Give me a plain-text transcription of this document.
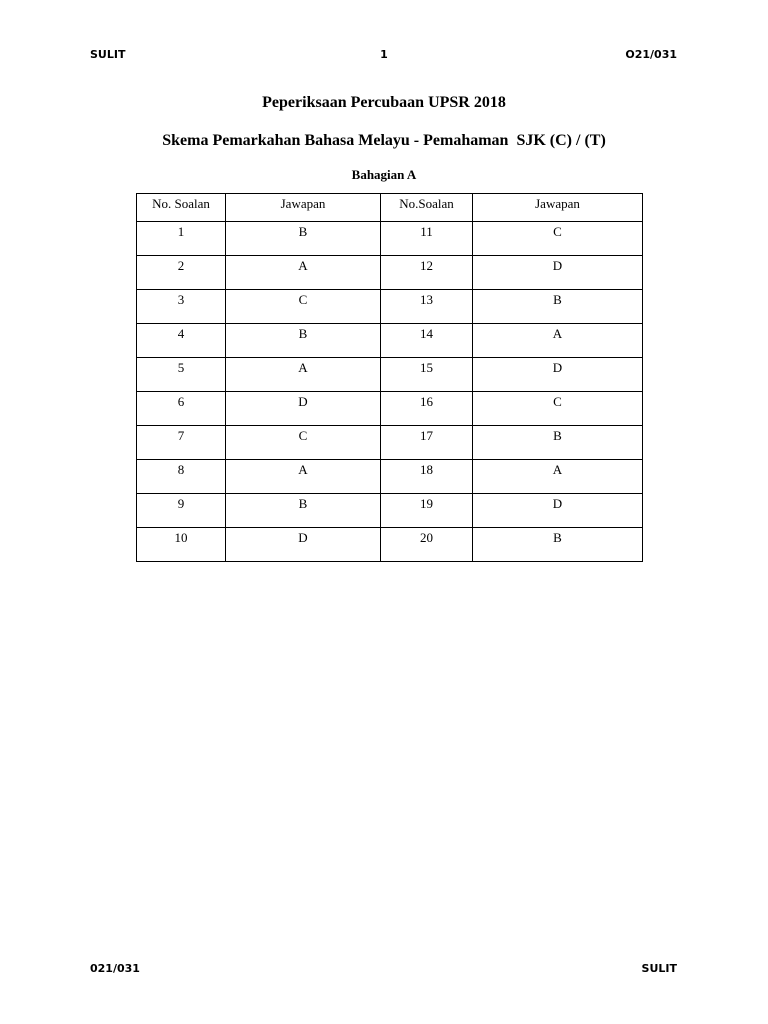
SULIT	1	O21/031
Peperiksaan Percubaan UPSR 2018
Skema Pemarkahan Bahasa Melayu - Pemahaman  SJK (C) / (T)
Bahagian A
No. Soalan	Jawapan	No.Soalan	Jawapan
1	B	11	C
2	A	12	D
3	C	13	B
4	B	14	A
5	A	15	D
6	D	16	C
7	C	17	B
8	A	18	A
9	B	19	D
10	D	20	B
021/031	SULIT
